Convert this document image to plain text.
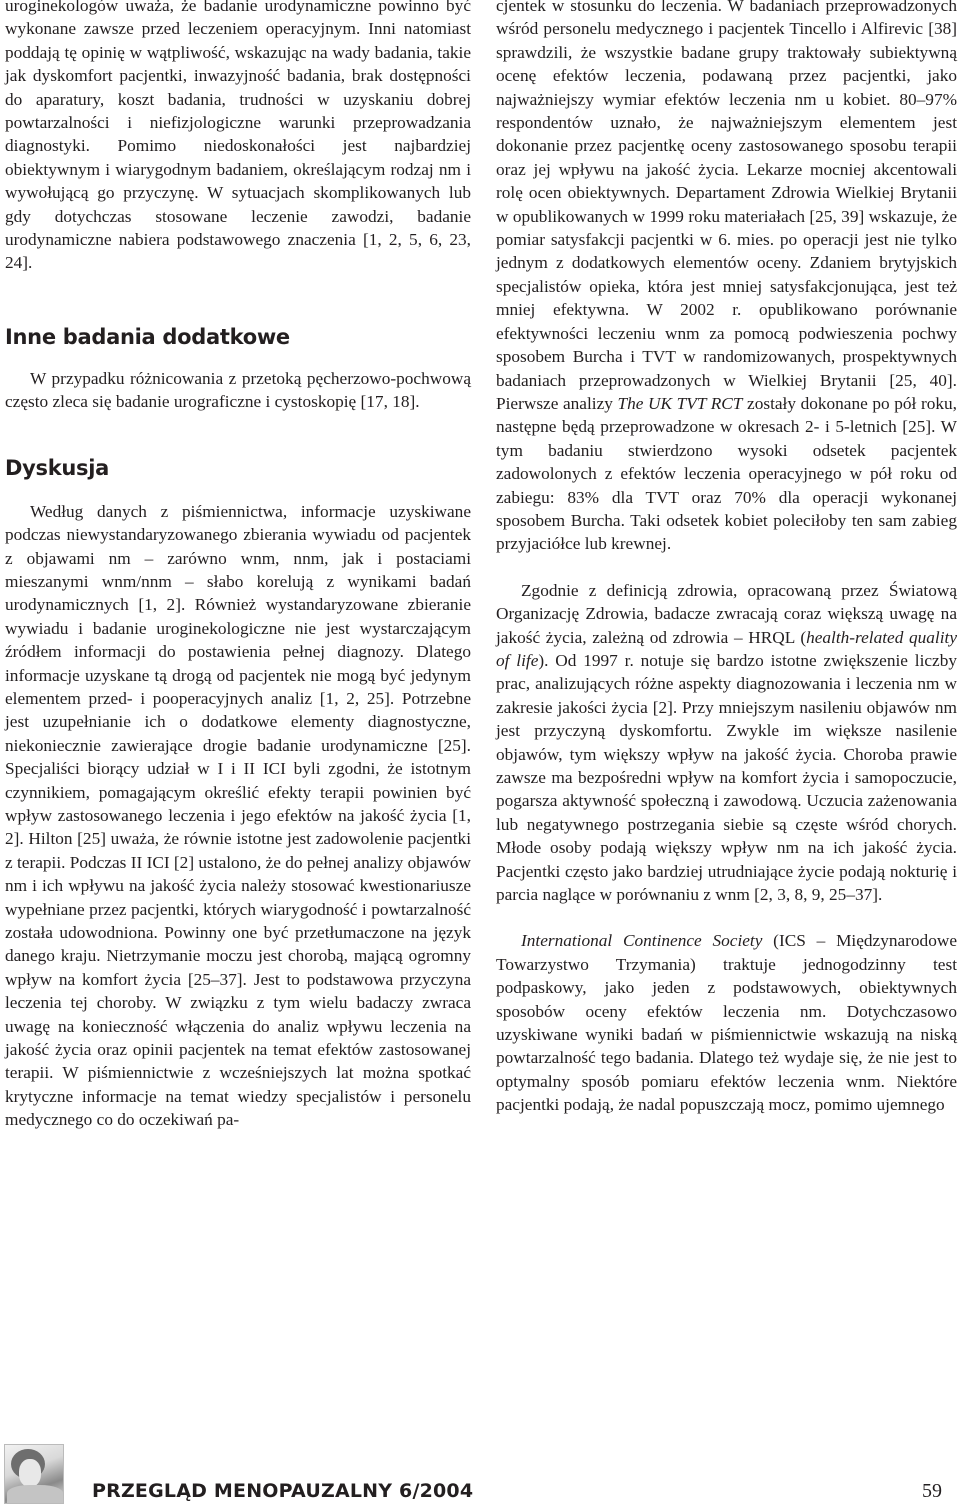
uroginekologów uważa, że badanie urodynamiczne powinno być wykonane zawsze przed leczeniem operacyjnym. Inni natomiast poddają tę opinię w wątpliwość, wskazując na wady badania, takie jak dyskomfort pacjentki, inwazyjność badania, brak dostępności do aparatury, koszt badania, trudności w uzyskaniu dobrej powtarzalności i niefizjologiczne warunki przeprowadzania diagnostyki. Pomimo niedoskonałości jest najbardziej obiektywnym i wiarygodnym badaniem, określającym rodzaj nm i wywołującą go przyczynę. W sytuacjach skomplikowanych lub gdy dotychczas stosowane leczenie zawodzi, badanie urodynamiczne nabiera podstawowego znaczenia [1, 2, 5, 6, 23, 24].

Inne badania dodatkowe

W przypadku różnicowania z przetoką pęcherzowo-pochwową często zleca się badanie urograficzne i cystoskopię [17, 18].

Dyskusja

Według danych z piśmiennictwa, informacje uzyskiwane podczas niewystandaryzowanego zbierania wywiadu od pacjentek z objawami nm – zarówno wnm, nnm, jak i postaciami mieszanymi wnm/nnm – słabo korelują z wynikami badań urodynamicznych [1, 2]. Również wystandaryzowane zbieranie wywiadu i badanie uroginekologiczne nie jest wystarczającym źródłem informacji do postawienia pełnej diagnozy. Dlatego informacje uzyskane tą drogą od pacjentek nie mogą być jedynym elementem przed- i pooperacyjnych analiz [1, 2, 25]. Potrzebne jest uzupełnianie ich o dodatkowe elementy diagnostyczne, niekoniecznie zawierające drogie badanie urodynamiczne [25]. Specjaliści biorący udział w I i II ICI byli zgodni, że istotnym czynnikiem, pomagającym określić efekty terapii powinien być wpływ zastosowanego leczenia i jego efektów na jakość życia [1, 2]. Hilton [25] uważa, że równie istotne jest zadowolenie pacjentki z terapii. Podczas II ICI [2] ustalono, że do pełnej analizy objawów nm i ich wpływu na jakość życia należy stosować kwestionariusze wypełniane przez pacjentki, których wiarygodność i powtarzalność została udowodniona. Powinny one być przetłumaczone na język danego kraju. Nietrzymanie moczu jest chorobą, mającą ogromny wpływ na komfort życia [25–37]. Jest to podstawowa przyczyna leczenia tej choroby. W związku z tym wielu badaczy zwraca uwagę na konieczność włączenia do analiz wpływu leczenia na jakość życia oraz opinii pacjentek na temat efektów zastosowanej terapii. W piśmiennictwie z wcześniejszych lat można spotkać krytyczne informacje na temat wiedzy specjalistów i personelu medycznego co do oczekiwań pa-

cjentek w stosunku do leczenia. W badaniach przeprowadzonych wśród personelu medycznego i pacjentek Tincello i Alfirevic [38] sprawdzili, że wszystkie badane grupy traktowały subiektywną ocenę efektów leczenia, podawaną przez pacjentki, jako najważniejszy wymiar efektów leczenia nm u kobiet. 80–97% respondentów uznało, że najważniejszym elementem jest dokonanie przez pacjentkę oceny zastosowanego sposobu terapii oraz jej wpływu na jakość życia. Lekarze mocniej akcentowali rolę ocen obiektywnych. Departament Zdrowia Wielkiej Brytanii w opublikowanych w 1999 roku materiałach [25, 39] wskazuje, że pomiar satysfakcji pacjentki w 6. mies. po operacji jest nie tylko jednym z dodatkowych elementów oceny. Zdaniem brytyjskich specjalistów opieka, która jest mniej satysfakcjonująca, jest też mniej efektywna. W 2002 r. opublikowano porównanie efektywności leczeniu wnm za pomocą podwieszenia pochwy sposobem Burcha i TVT w randomizowanych, prospektywnych badaniach przeprowadzonych w Wielkiej Brytanii [25, 40]. Pierwsze analizy The UK TVT RCT zostały dokonane po pół roku, następne będą przeprowadzone w okresach 2- i 5-letnich [25]. W tym badaniu stwierdzono wysoki odsetek pacjentek zadowolonych z efektów leczenia operacyjnego w pół roku od zabiegu: 83% dla TVT oraz 70% dla operacji wykonanej sposobem Burcha. Taki odsetek kobiet poleciłoby ten sam zabieg przyjaciółce lub krewnej.

Zgodnie z definicją zdrowia, opracowaną przez Światową Organizację Zdrowia, badacze zwracają coraz większą uwagę na jakość życia, zależną od zdrowia – HRQL (health-related quality of life). Od 1997 r. notuje się bardzo istotne zwiększenie liczby prac, analizujących różne aspekty diagnozowania i leczenia nm w zakresie jakości życia [2]. Przy mniejszym nasileniu objawów nm jest przyczyną dyskomfortu. Zwykle im większe nasilenie objawów, tym większy wpływ na jakość życia. Choroba prawie zawsze ma bezpośredni wpływ na komfort życia i samopoczucie, pogarsza aktywność społeczną i zawodową. Uczucia zażenowania lub negatywnego postrzegania siebie są częste wśród chorych. Młode osoby podają większy wpływ nm na ich jakość życia. Pacjentki często jako bardziej utrudniające życie podają nokturię i parcia naglące w porównaniu z wnm [2, 3, 8, 9, 25–37].

International Continence Society (ICS – Międzynarodowe Towarzystwo Trzymania) traktuje jednogodzinny test podpaskowy, jako jeden z podstawowych, obiektywnych sposobów oceny efektów leczenia nm. Dotychczasowo uzyskiwane wyniki badań w piśmiennictwie wskazują na niską powtarzalność tego badania. Dlatego też wydaje się, że nie jest to optymalny sposób pomiaru efektów leczenia wnm. Niektóre pacjentki podają, że nadal popuszczają mocz, pomimo ujemnego

PRZEGLĄD MENOPAUZALNY 6/2004	59
